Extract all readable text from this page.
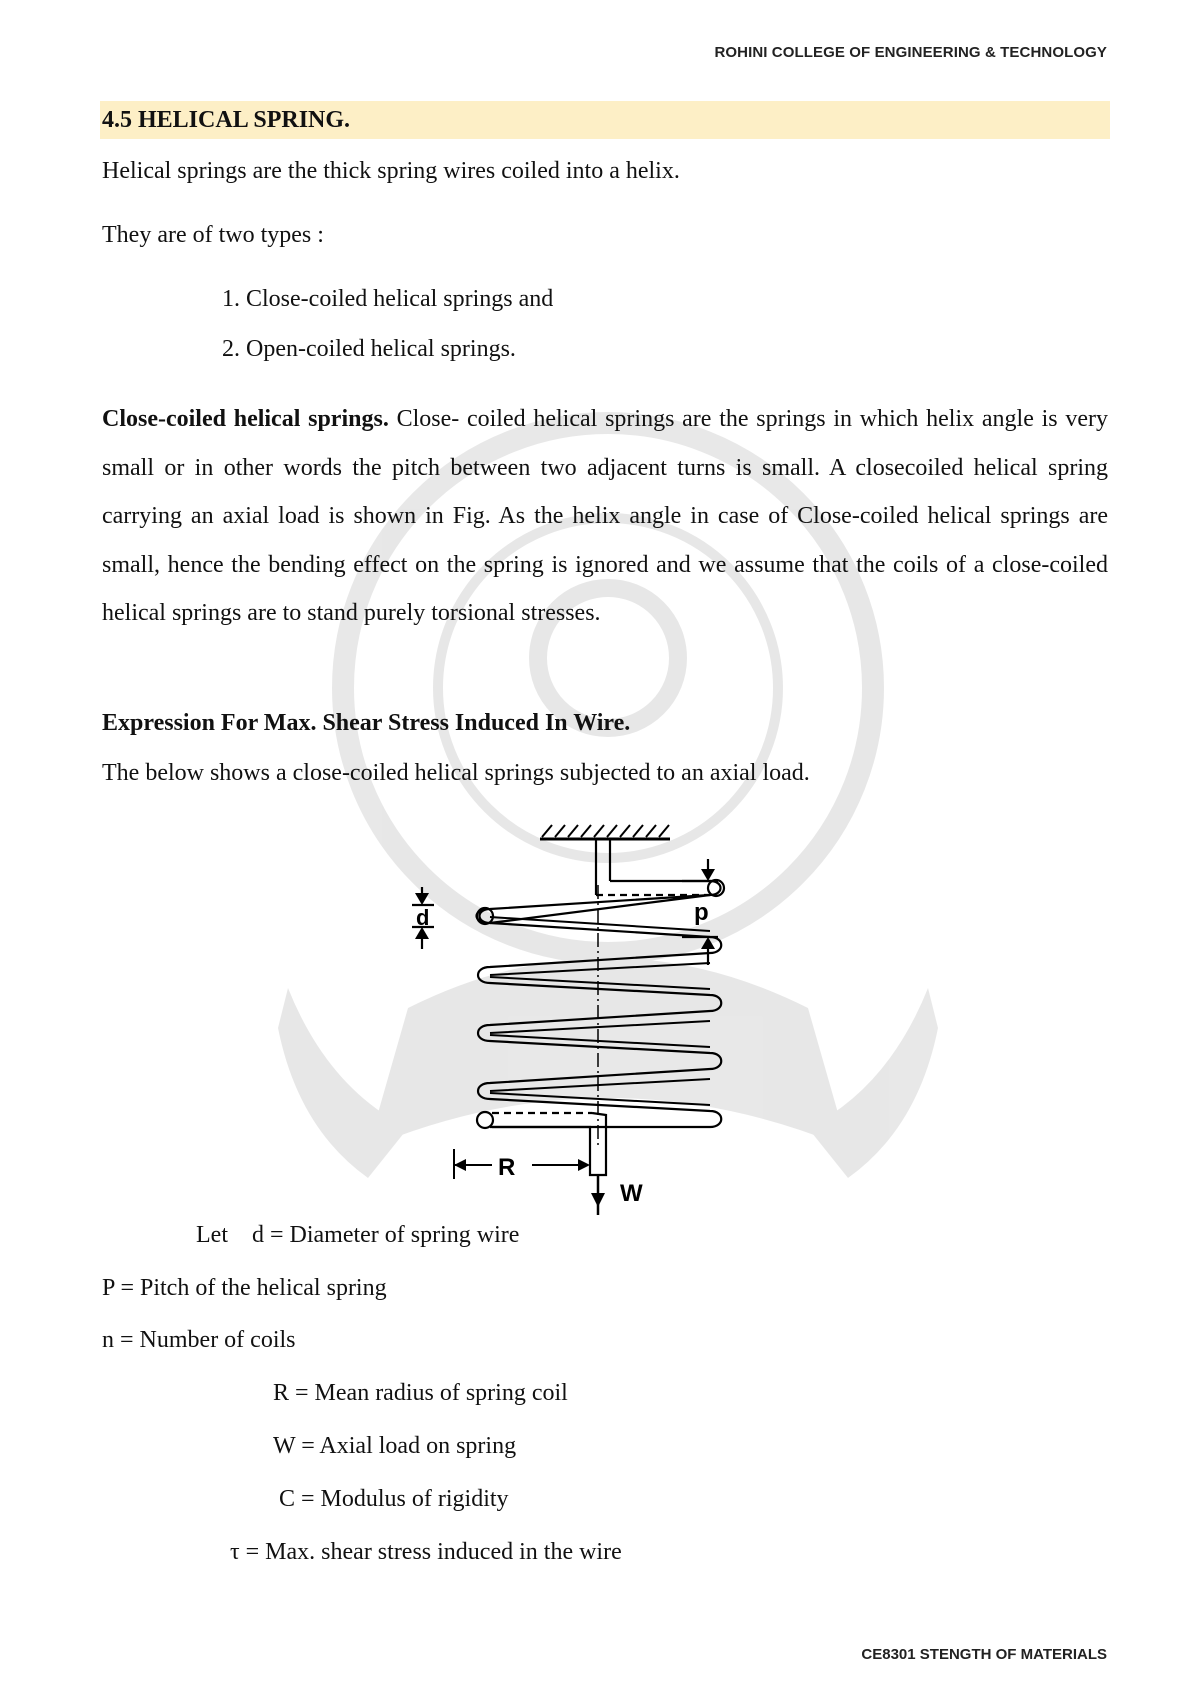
ROHINI COLLEGE OF ENGINEERING & TECHNOLOGY
4.5 HELICAL SPRING.
Helical springs are the thick spring wires coiled into a helix.
They are of two types :
1. Close-coiled helical springs and
2. Open-coiled helical springs.
Close-coiled helical springs. Close- coiled helical springs are the springs in which helix angle is very small or in other words the pitch between two adjacent turns is small. A closecoiled helical spring carrying an axial load is shown in Fig. As the helix angle in case of Close-coiled helical springs are small, hence the bending effect on the spring is ignored and we assume that the coils of a close-coiled helical springs are to stand purely torsional stresses.
Expression For Max. Shear Stress Induced In Wire.
The below shows a close-coiled helical springs subjected to an axial load.
d	p
R
W
Let    d = Diameter of spring wire
P = Pitch of the helical spring
n = Number of coils
R = Mean radius of spring coil
W = Axial load on spring
C = Modulus of rigidity
τ = Max. shear stress induced in the wire
CE8301 STENGTH OF MATERIALS
